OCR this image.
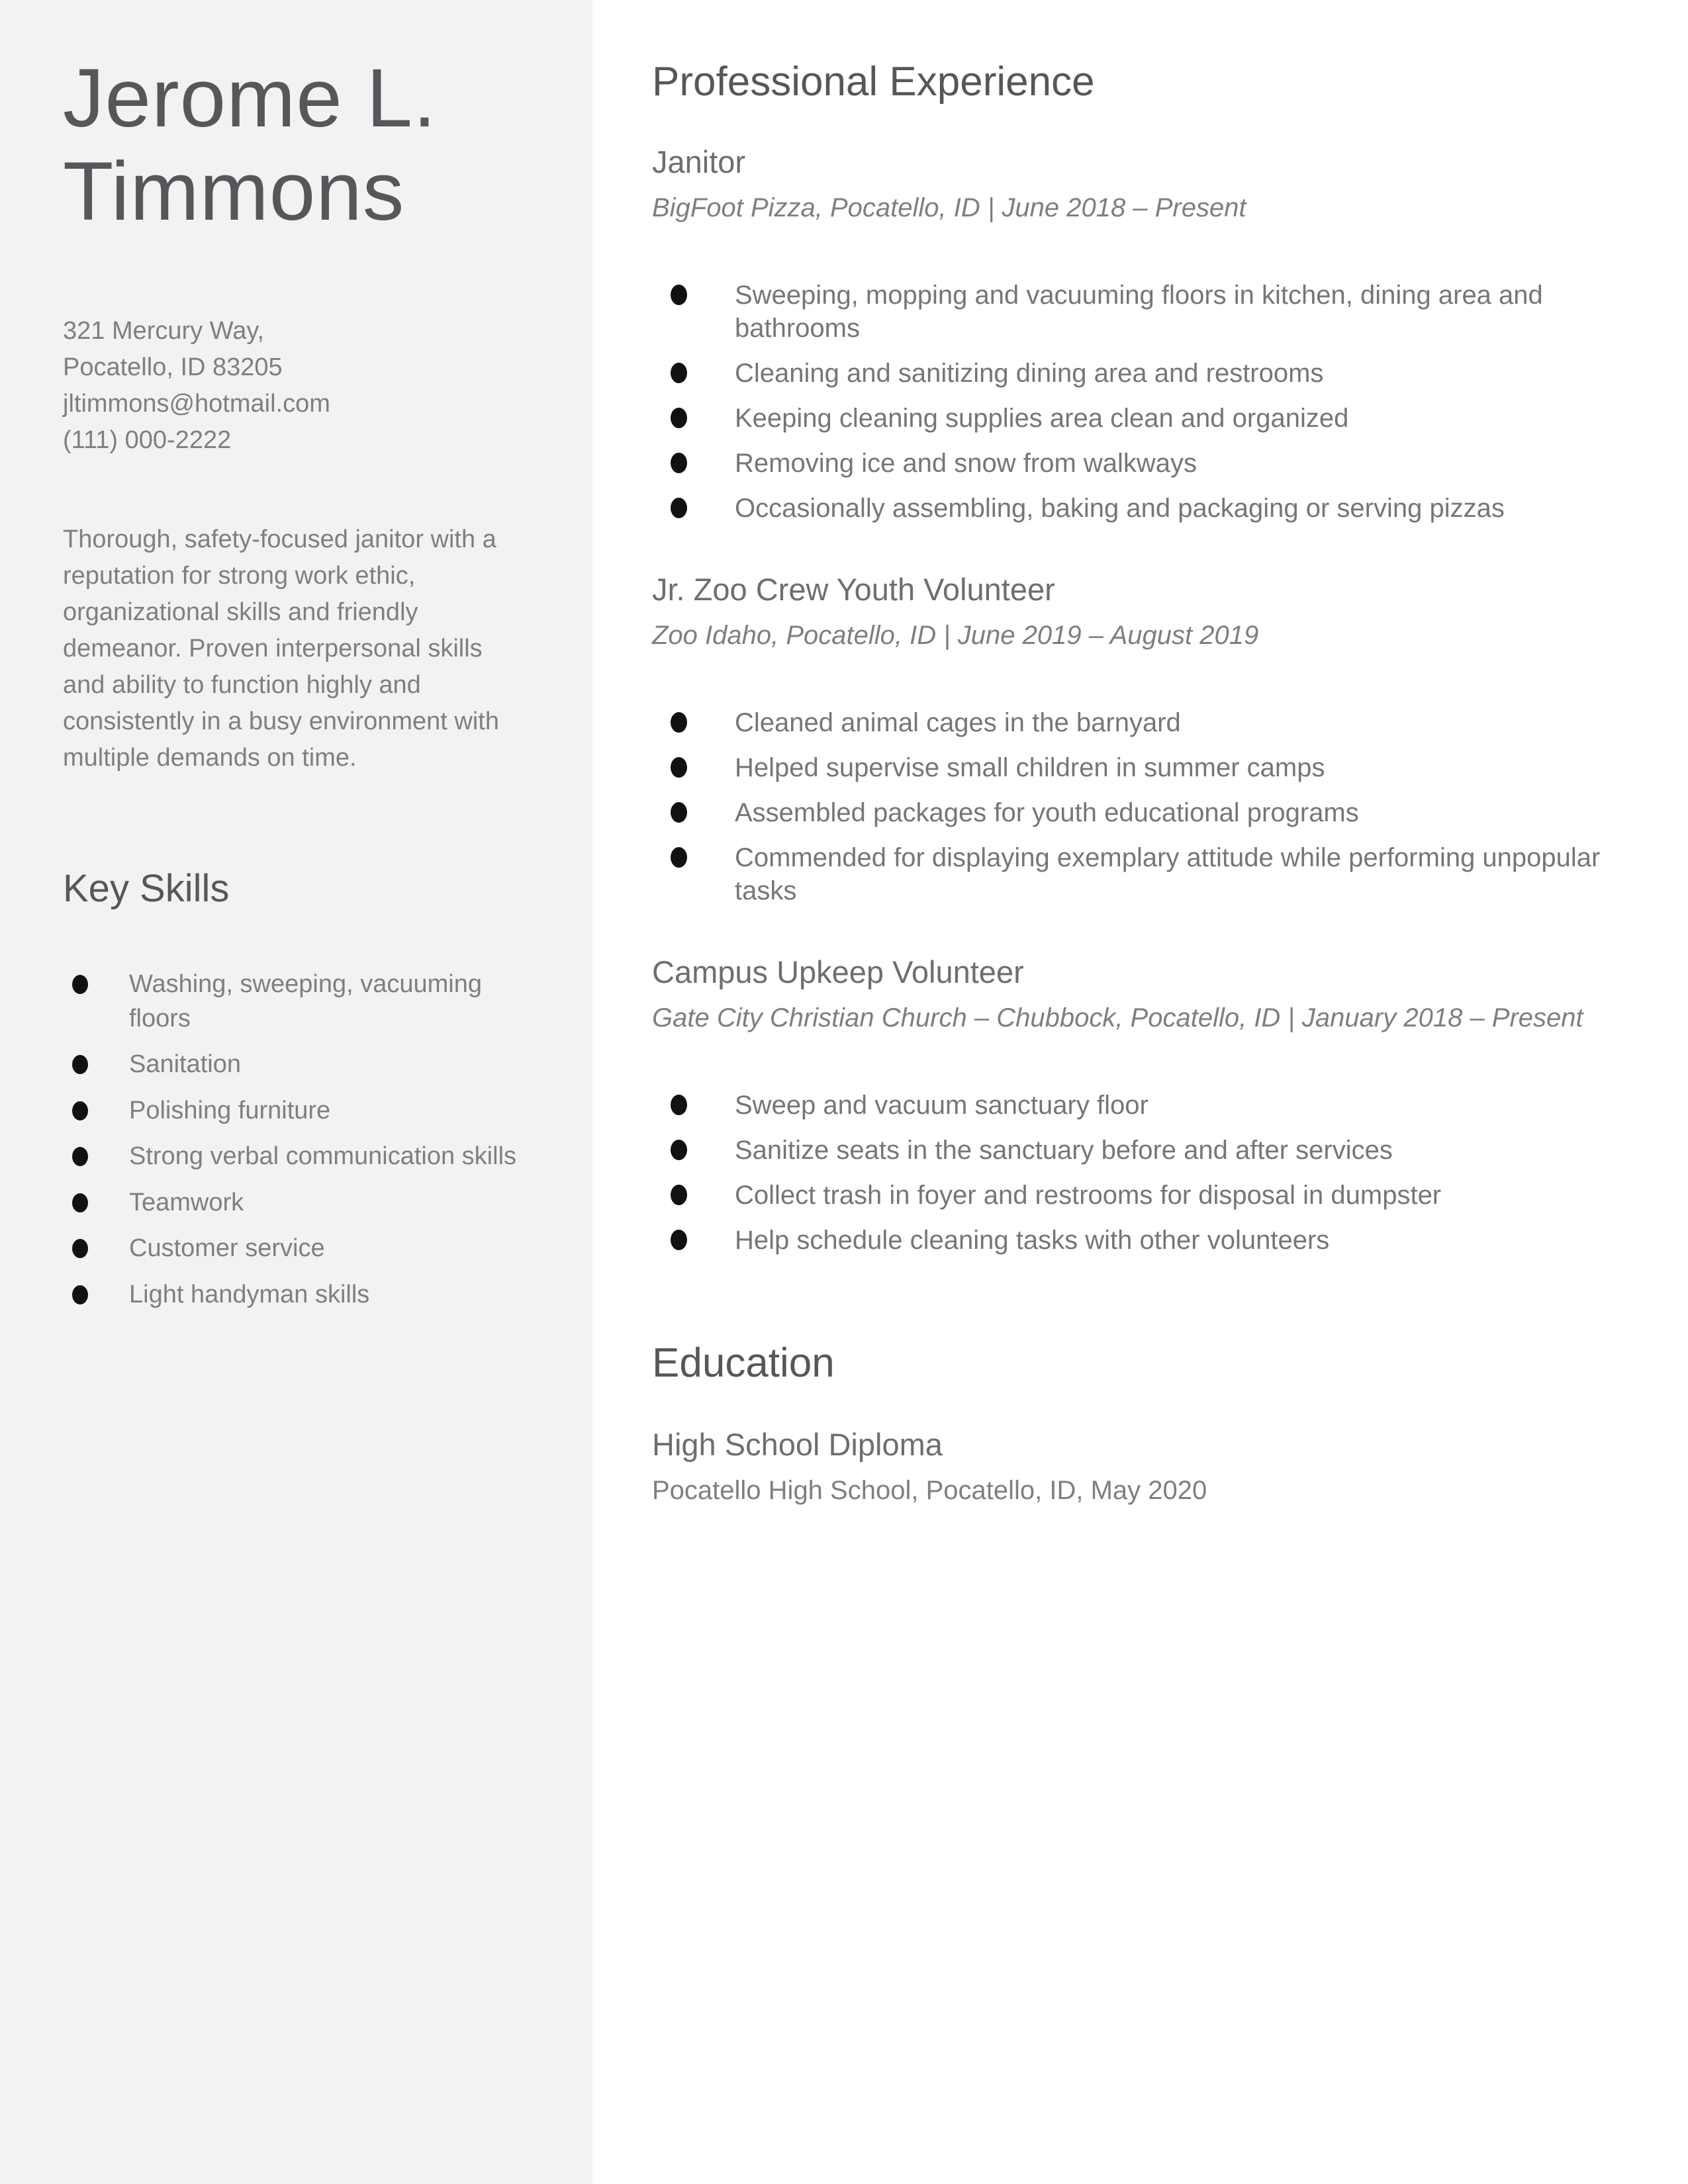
Jerome L.
Timmons
321 Mercury Way,
Pocatello, ID 83205
jltimmons@hotmail.com
(111) 000-2222

Thorough, safety-focused janitor with a reputation for strong work ethic, organizational skills and friendly demeanor. Proven interpersonal skills and ability to function highly and consistently in a busy environment with multiple demands on time.

Key Skills
Washing, sweeping, vacuuming floors
Sanitation
Polishing furniture
Strong verbal communication skills
Teamwork
Customer service
Light handyman skills
Professional Experience
Janitor

BigFoot Pizza, Pocatello, ID | June 2018 – Present

Sweeping, mopping and vacuuming floors in kitchen, dining area and bathrooms
Cleaning and sanitizing dining area and restrooms
Keeping cleaning supplies area clean and organized
Removing ice and snow from walkways
Occasionally assembling, baking and packaging or serving pizzas
Jr. Zoo Crew Youth Volunteer

Zoo Idaho, Pocatello, ID | June 2019 – August 2019

Cleaned animal cages in the barnyard
Helped supervise small children in summer camps
Assembled packages for youth educational programs
Commended for displaying exemplary attitude while performing unpopular tasks
Campus Upkeep Volunteer

Gate City Christian Church – Chubbock, Pocatello, ID | January 2018 – Present

Sweep and vacuum sanctuary floor
Sanitize seats in the sanctuary before and after services
Collect trash in foyer and restrooms for disposal in dumpster
Help schedule cleaning tasks with other volunteers
Education
High School Diploma

Pocatello High School, Pocatello, ID, May 2020
